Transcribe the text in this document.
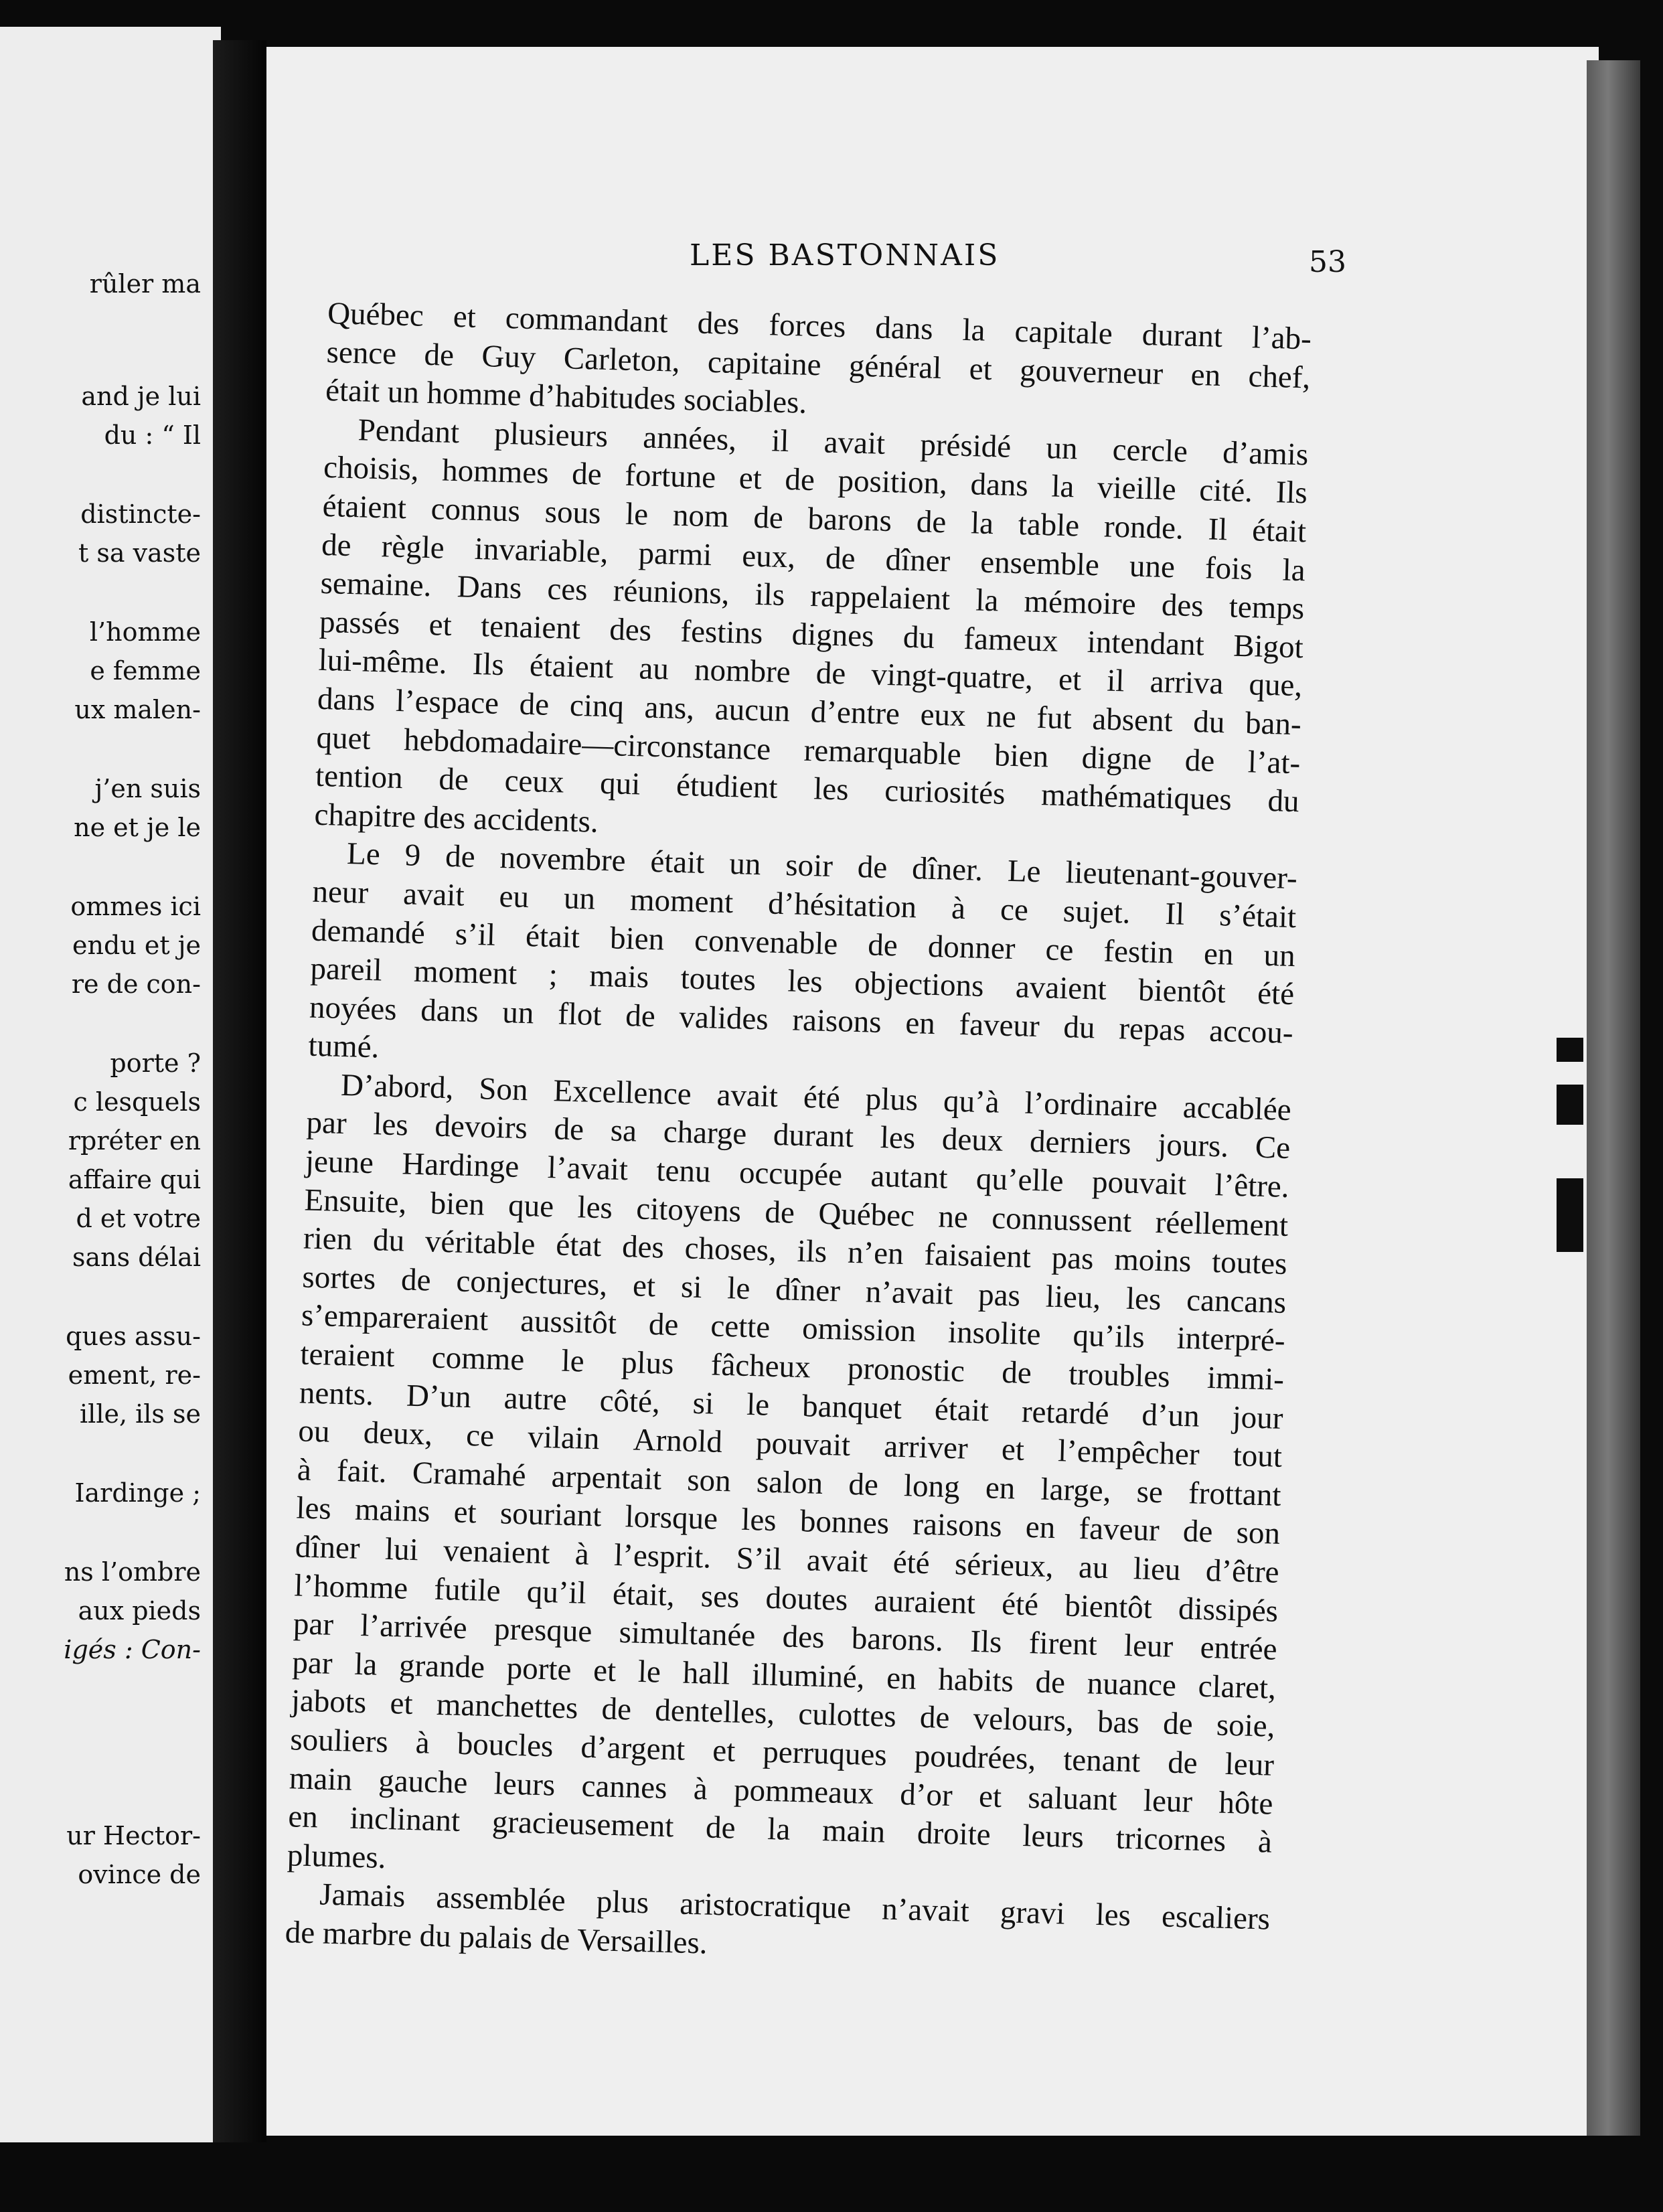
rûler ma
and je lui
du : “ Il
distincte-
t sa vaste
l’homme
e femme
ux malen-
j’en suis
ne et je le
ommes ici
endu et je
re de con-
porte ?
c lesquels
rpréter en
affaire qui
d et votre
sans délai
ques assu-
ement, re-
ille, ils se
Iardinge ;
ns l’ombre
aux pieds
igés : Con-
ur Hector-
ovince de
LES BASTONNAIS	53
Québec et commandant des forces dans la capitale durant l’ab-
sence de Guy Carleton, capitaine général et gouverneur en chef,
était un homme d’habitudes sociables.
Pendant plusieurs années, il avait présidé un cercle d’amis
choisis, hommes de fortune et de position, dans la vieille cité. Ils
étaient connus sous le nom de barons de la table ronde. Il était
de règle invariable, parmi eux, de dîner ensemble une fois la
semaine. Dans ces réunions, ils rappelaient la mémoire des temps
passés et tenaient des festins dignes du fameux intendant Bigot
lui-même. Ils étaient au nombre de vingt-quatre, et il arriva que,
dans l’espace de cinq ans, aucun d’entre eux ne fut absent du ban-
quet hebdomadaire—circonstance remarquable bien digne de l’at-
tention de ceux qui étudient les curiosités mathématiques du
chapitre des accidents.
Le 9 de novembre était un soir de dîner. Le lieutenant-gouver-
neur avait eu un moment d’hésitation à ce sujet. Il s’était
demandé s’il était bien convenable de donner ce festin en un
pareil moment ; mais toutes les objections avaient bientôt été
noyées dans un flot de valides raisons en faveur du repas accou-
tumé.
D’abord, Son Excellence avait été plus qu’à l’ordinaire accablée
par les devoirs de sa charge durant les deux derniers jours. Ce
jeune Hardinge l’avait tenu occupée autant qu’elle pouvait l’être.
Ensuite, bien que les citoyens de Québec ne connussent réellement
rien du véritable état des choses, ils n’en faisaient pas moins toutes
sortes de conjectures, et si le dîner n’avait pas lieu, les cancans
s’empareraient aussitôt de cette omission insolite qu’ils interpré-
teraient comme le plus fâcheux pronostic de troubles immi-
nents. D’un autre côté, si le banquet était retardé d’un jour
ou deux, ce vilain Arnold pouvait arriver et l’empêcher tout
à fait. Cramahé arpentait son salon de long en large, se frottant
les mains et souriant lorsque les bonnes raisons en faveur de son
dîner lui venaient à l’esprit. S’il avait été sérieux, au lieu d’être
l’homme futile qu’il était, ses doutes auraient été bientôt dissipés
par l’arrivée presque simultanée des barons. Ils firent leur entrée
par la grande porte et le hall illuminé, en habits de nuance claret,
jabots et manchettes de dentelles, culottes de velours, bas de soie,
souliers à boucles d’argent et perruques poudrées, tenant de leur
main gauche leurs cannes à pommeaux d’or et saluant leur hôte
en inclinant gracieusement de la main droite leurs tricornes à
plumes.
Jamais assemblée plus aristocratique n’avait gravi les escaliers
de marbre du palais de Versailles.
